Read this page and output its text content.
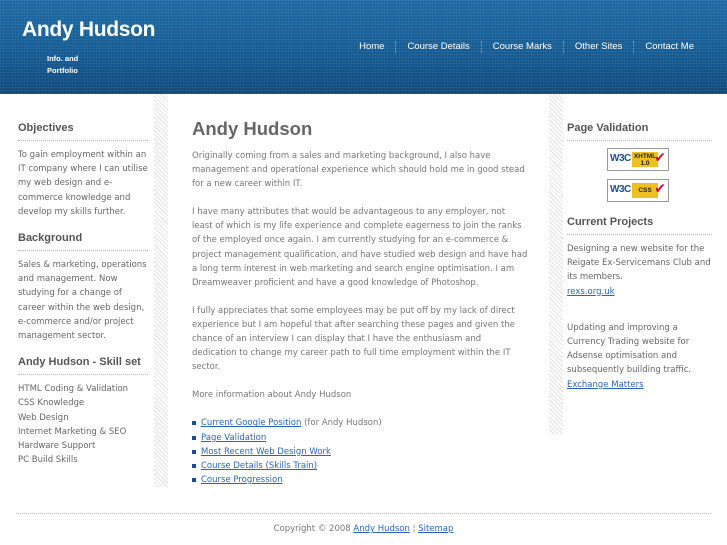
Andy Hudson
Info. and Portfolio
Home	Course Details	Course Marks	Other Sites	Contact Me
Objectives
To gain employment within an IT company where I can utilise my web design and e-commerce knowledge and develop my skills further.
Background
Sales & marketing, operations and management. Now studying for a change of career within the web design, e-commerce and/or project management sector.
Andy Hudson - Skill set
HTML Coding & Validation
CSS Knowledge
Web Design
Internet Marketing & SEO
Hardware Support
PC Build Skills
Andy Hudson

Originally coming from a sales and marketing background, I also have management and operational experience which should hold me in good stead for a new career within IT.

I have many attributes that would be advantageous to any employer, not least of which is my life experience and complete eagerness to join the ranks of the employed once again. I am currently studying for an e-commerce & project management qualification, and have studied web design and have had a long term interest in web marketing and search engine optimisation. I am Dreamweaver proficient and have a good knowledge of Photoshop.

I fully appreciates that some employees may be put off by my lack of direct experience but I am hopeful that after searching these pages and given the chance of an interview I can display that I have the enthusiasm and dedication to change my career path to full time employment within the IT sector.

More information about Andy Hudson

Current Google Position (for Andy Hudson)
Page Validation
Most Recent Web Design Work
Course Details (Skills Train)
Course Progression
Page Validation
W3C XHTML
1.0 ✔
W3C	CSS ✔
Current Projects
Designing a new website for the Reigate Ex-Servicemans Club and its members.
rexs.org.uk
Updating and improving a Currency Trading website for Adsense optimisation and subsequently building traffic.
Exchange Matters
Copyright © 2008 Andy Hudson ¦ Sitemap
